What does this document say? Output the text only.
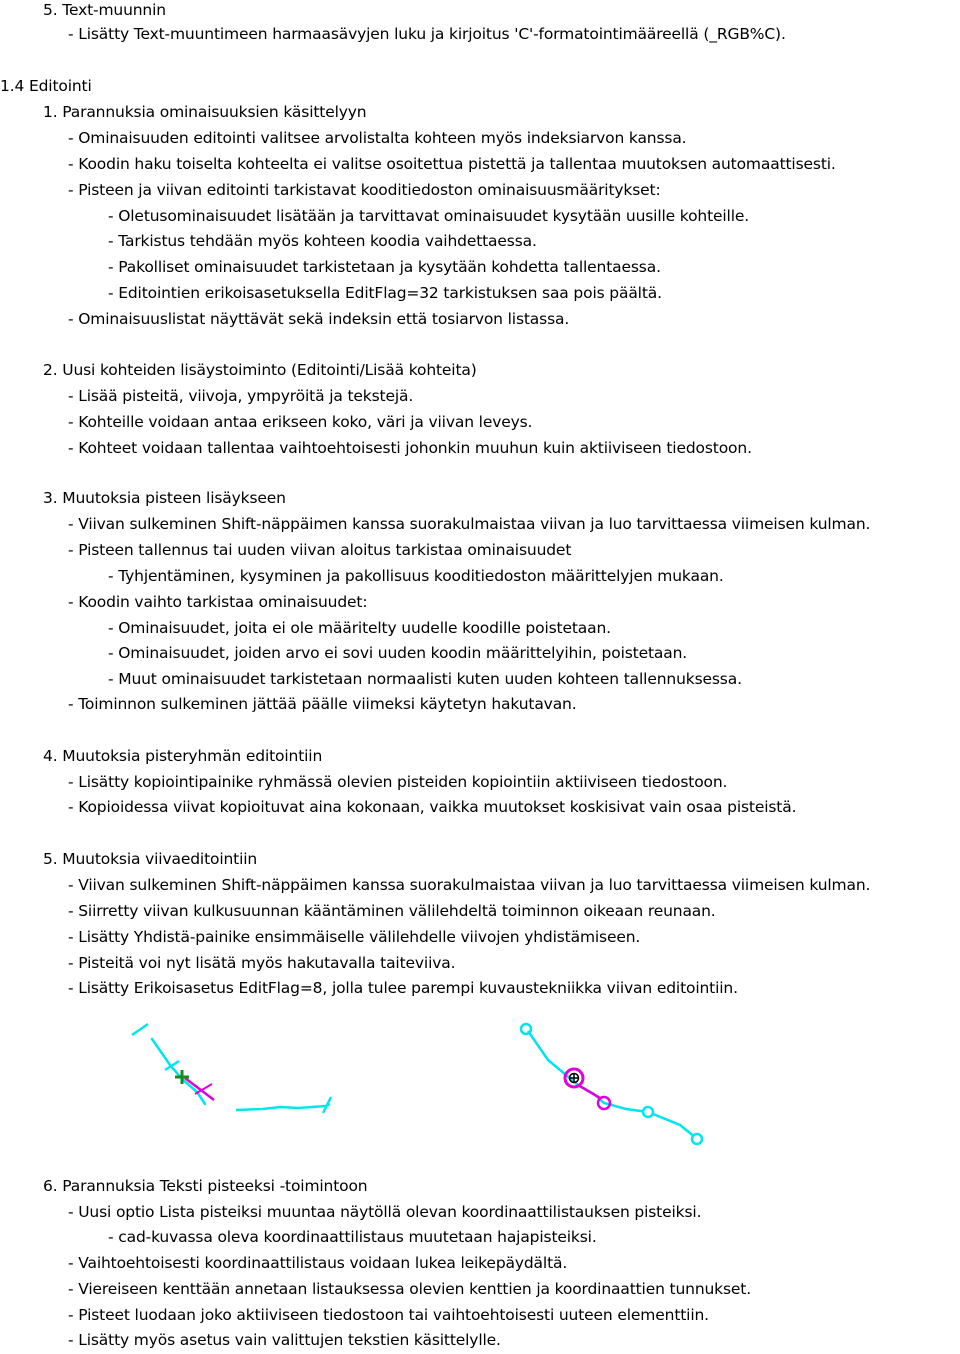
5. Text-muunnin
- Lisätty Text-muuntimeen harmaasävyjen luku ja kirjoitus 'C'-formatointimääreellä (_RGB%C).
1.4 Editointi
1. Parannuksia ominaisuuksien käsittelyyn
- Ominaisuuden editointi valitsee arvolistalta kohteen myös indeksiarvon kanssa.
- Koodin haku toiselta kohteelta ei valitse osoitettua pistettä ja tallentaa muutoksen automaattisesti.
- Pisteen ja viivan editointi tarkistavat kooditiedoston ominaisuusmääritykset:
- Oletusominaisuudet lisätään ja tarvittavat ominaisuudet kysytään uusille kohteille.
- Tarkistus tehdään myös kohteen koodia vaihdettaessa.
- Pakolliset ominaisuudet tarkistetaan ja kysytään kohdetta tallentaessa.
- Editointien erikoisasetuksella EditFlag=32 tarkistuksen saa pois päältä.
- Ominaisuuslistat näyttävät sekä indeksin että tosiarvon listassa.
2. Uusi kohteiden lisäystoiminto (Editointi/Lisää kohteita)
- Lisää pisteitä, viivoja, ympyröitä ja tekstejä.
- Kohteille voidaan antaa erikseen koko, väri ja viivan leveys.
- Kohteet voidaan tallentaa vaihtoehtoisesti johonkin muuhun kuin aktiiviseen tiedostoon.
3. Muutoksia pisteen lisäykseen
- Viivan sulkeminen Shift-näppäimen kanssa suorakulmaistaa viivan ja luo tarvittaessa viimeisen kulman.
- Pisteen tallennus tai uuden viivan aloitus tarkistaa ominaisuudet
- Tyhjentäminen, kysyminen ja pakollisuus kooditiedoston määrittelyjen mukaan.
- Koodin vaihto tarkistaa ominaisuudet:
- Ominaisuudet, joita ei ole määritelty uudelle koodille poistetaan.
- Ominaisuudet, joiden arvo ei sovi uuden koodin määrittelyihin, poistetaan.
- Muut ominaisuudet tarkistetaan normaalisti kuten uuden kohteen tallennuksessa.
- Toiminnon sulkeminen jättää päälle viimeksi käytetyn hakutavan.
4. Muutoksia pisteryhmän editointiin
- Lisätty kopiointipainike ryhmässä olevien pisteiden kopiointiin aktiiviseen tiedostoon.
- Kopioidessa viivat kopioituvat aina kokonaan, vaikka muutokset koskisivat vain osaa pisteistä.
5. Muutoksia viivaeditointiin
- Viivan sulkeminen Shift-näppäimen kanssa suorakulmaistaa viivan ja luo tarvittaessa viimeisen kulman.
- Siirretty viivan kulkusuunnan kääntäminen välilehdeltä toiminnon oikeaan reunaan.
- Lisätty Yhdistä-painike ensimmäiselle välilehdelle viivojen yhdistämiseen.
- Pisteitä voi nyt lisätä myös hakutavalla taiteviiva.
- Lisätty Erikoisasetus EditFlag=8, jolla tulee parempi kuvaustekniikka viivan editointiin.
6. Parannuksia Teksti pisteeksi -toimintoon
- Uusi optio Lista pisteiksi muuntaa näytöllä olevan koordinaattilistauksen pisteiksi.
- cad-kuvassa oleva koordinaattilistaus muutetaan hajapisteiksi.
- Vaihtoehtoisesti koordinaattilistaus voidaan lukea leikepäydältä.
- Viereiseen kenttään annetaan listauksessa olevien kenttien ja koordinaattien tunnukset.
- Pisteet luodaan joko aktiiviseen tiedostoon tai vaihtoehtoisesti uuteen elementtiin.
- Lisätty myös asetus vain valittujen tekstien käsittelylle.
